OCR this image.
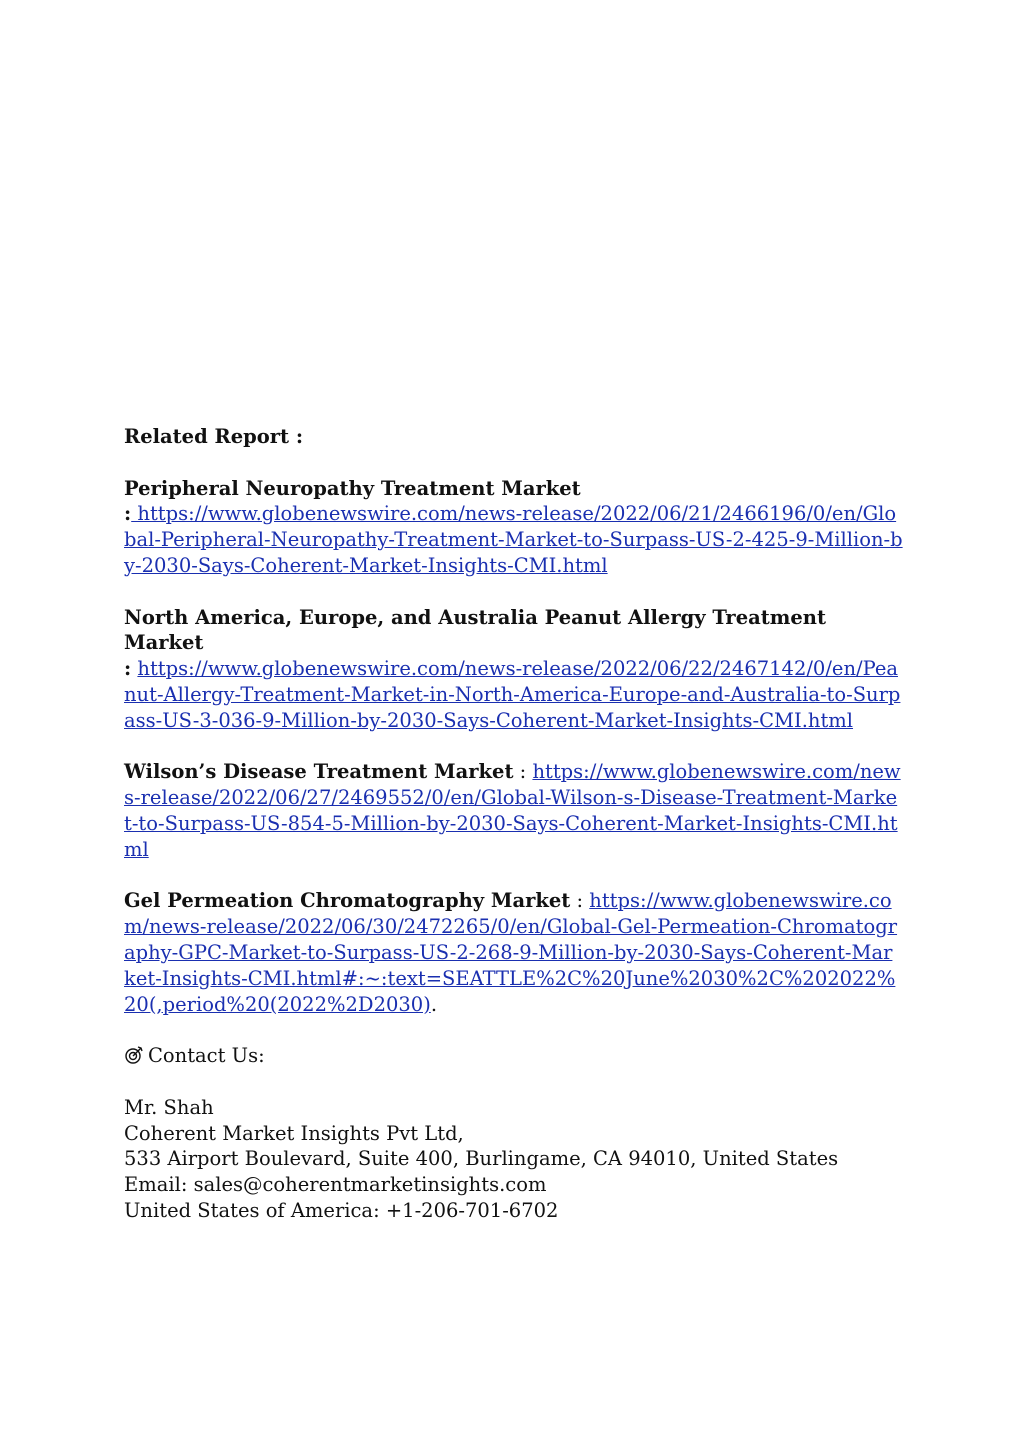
Related Report :
Peripheral Neuropathy Treatment Market
: https://www.globenewswire.com/news-release/2022/06/21/2466196/0/en/Global-Peripheral-Neuropathy-Treatment-Market-to-Surpass-US-2-425-9-Million-by-2030-Says-Coherent-Market-Insights-CMI.html
North America, Europe, and Australia Peanut Allergy Treatment Market
: https://www.globenewswire.com/news-release/2022/06/22/2467142/0/en/Peanut-Allergy-Treatment-Market-in-North-America-Europe-and-Australia-to-Surpass-US-3-036-9-Million-by-2030-Says-Coherent-Market-Insights-CMI.html
Wilson’s Disease Treatment Market : https://www.globenewswire.com/news-release/2022/06/27/2469552/0/en/Global-Wilson-s-Disease-Treatment-Market-to-Surpass-US-854-5-Million-by-2030-Says-Coherent-Market-Insights-CMI.html
Gel Permeation Chromatography Market : https://www.globenewswire.com/news-release/2022/06/30/2472265/0/en/Global-Gel-Permeation-Chromatography-GPC-Market-to-Surpass-US-2-268-9-Million-by-2030-Says-Coherent-Market-Insights-CMI.html#:~:text=SEATTLE%2C%20June%2030%2C%202022%20(,period%20(2022%2D2030).
Contact Us:
Mr. Shah
Coherent Market Insights Pvt Ltd,
533 Airport Boulevard, Suite 400, Burlingame, CA 94010, United States
Email: sales@coherentmarketinsights.com
United States of America: +1-206-701-6702
